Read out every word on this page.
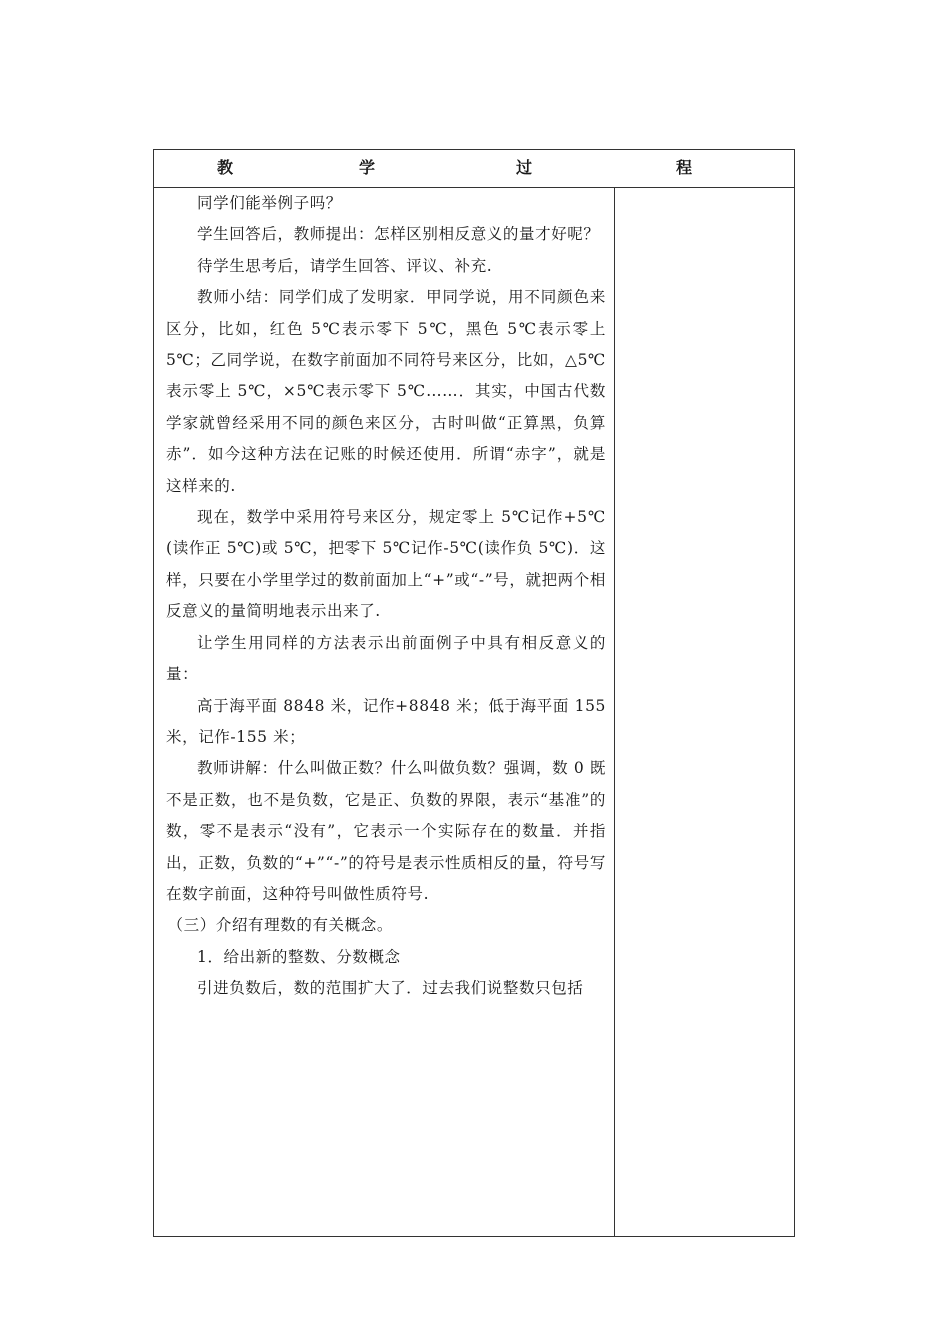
教	学	过	程

同学们能举例子吗？

学生回答后，教师提出：怎样区别相反意义的量才好呢？

待学生思考后，请学生回答、评议、补充.

教师小结：同学们成了发明家．甲同学说，用不同颜色来区分，比如，红色 5℃表示零下 5℃，黑色 5℃表示零上 5℃；乙同学说，在数字前面加不同符号来区分，比如，△5℃表示零上 5℃，×5℃表示零下 5℃……．其实，中国古代数学家就曾经采用不同的颜色来区分，古时叫做“正算黑，负算赤”．如今这种方法在记账的时候还使用．所谓“赤字”，就是这样来的.

现在，数学中采用符号来区分，规定零上 5℃记作+5℃(读作正 5℃)或 5℃，把零下 5℃记作-5℃(读作负 5℃)．这样，只要在小学里学过的数前面加上“+”或“-”号，就把两个相反意义的量简明地表示出来了.

让学生用同样的方法表示出前面例子中具有相反意义的量：

高于海平面 8848 米，记作+8848 米；低于海平面 155 米，记作-155 米；

教师讲解：什么叫做正数？什么叫做负数？强调，数 0 既不是正数，也不是负数，它是正、负数的界限，表示“基准”的数，零不是表示“没有”，它表示一个实际存在的数量．并指出，正数，负数的“+”“-”的符号是表示性质相反的量，符号写在数字前面，这种符号叫做性质符号.

（三）介绍有理数的有关概念。

1．给出新的整数、分数概念

引进负数后，数的范围扩大了．过去我们说整数只包括
